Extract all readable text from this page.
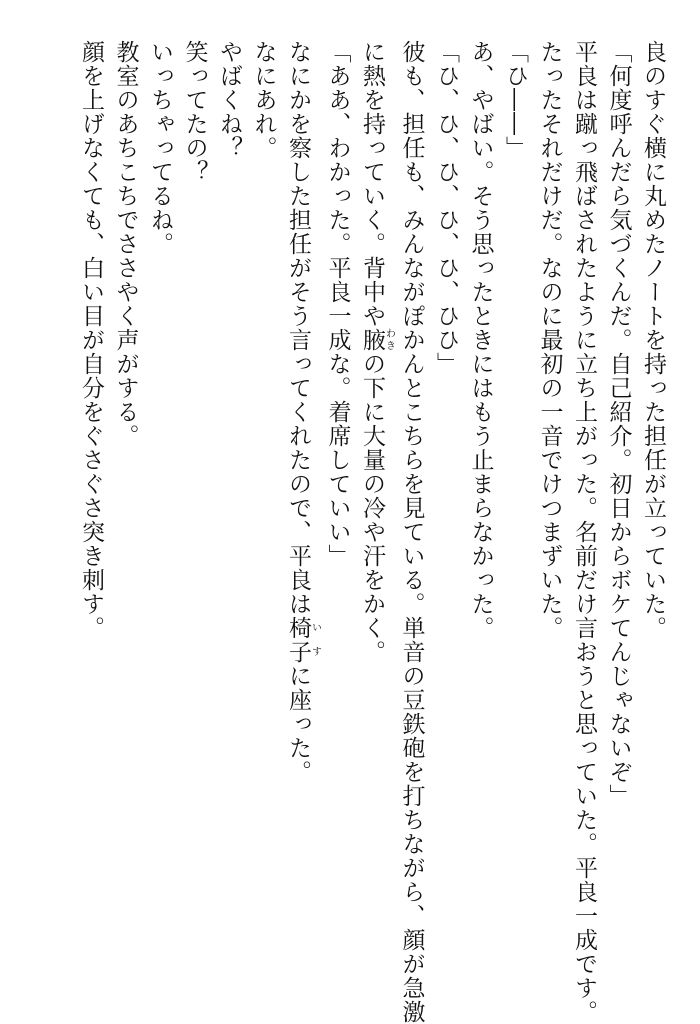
良のすぐ横に丸めたノートを持った担任が立っていた。
「何度呼んだら気づくんだ。自己紹介。初日からボケてんじゃないぞ」
平良は蹴っ飛ばされたように立ち上がった。名前だけ言おうと思っていた。平良一成です。
たったそれだけだ。なのに最初の一音でけつまずいた。
「ひ――」
あ、やばい。そう思ったときにはもう止まらなかった。
「ひ、ひ、ひ、ひ、ひ、ひひ」
彼も、担任も、みんながぽかんとこちらを見ている。単音の豆鉄砲を打ちながら、顔が急激
に熱を持っていく。背中や腋わきの下に大量の冷や汗をかく。
「ああ、わかった。平良一成な。着席していい」
なにかを察した担任がそう言ってくれたので、平良は椅子いすに座った。
なにあれ。
やばくね？
笑ってたの？
いっちゃってるね。
教室のあちこちでささやく声がする。
顔を上げなくても、白い目が自分をぐさぐさ突き刺す。
